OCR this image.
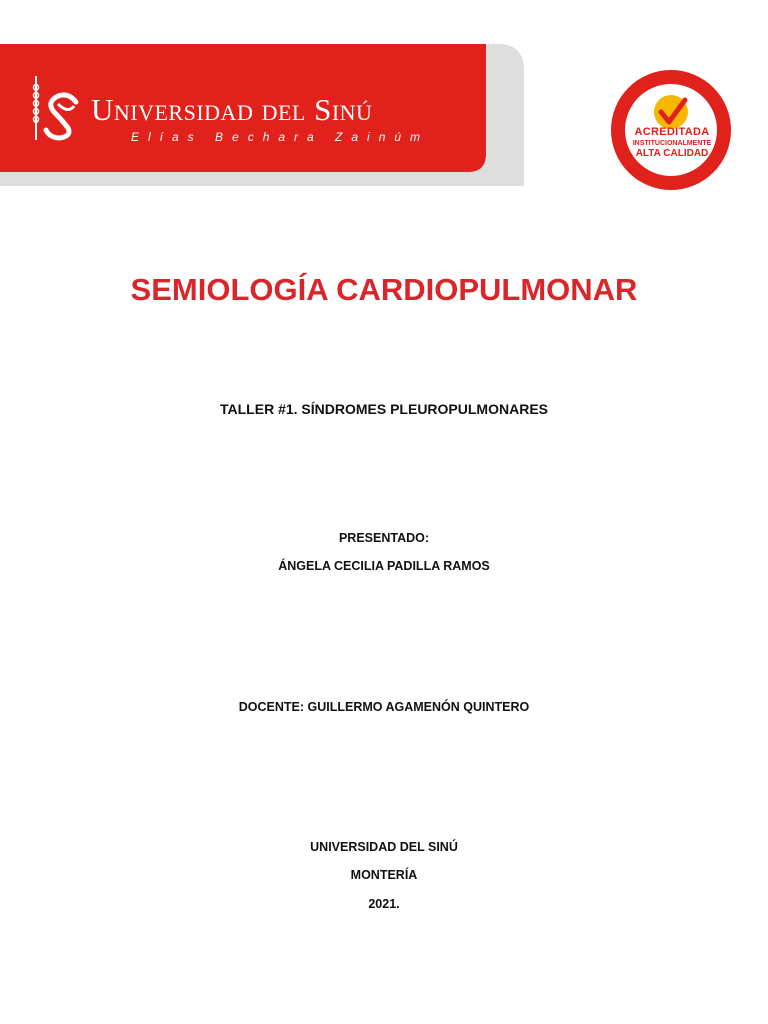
Universidad del Sinú
Elías Bechara Zainúm	ACREDITADA
INSTITUCIONALMENTE
ALTA CALIDAD
SEMIOLOGÍA CARDIOPULMONAR
TALLER #1. SÍNDROMES PLEUROPULMONARES
PRESENTADO:
ÁNGELA CECILIA PADILLA RAMOS
DOCENTE: GUILLERMO AGAMENÓN QUINTERO
UNIVERSIDAD DEL SINÚ
MONTERÍA
2021.
